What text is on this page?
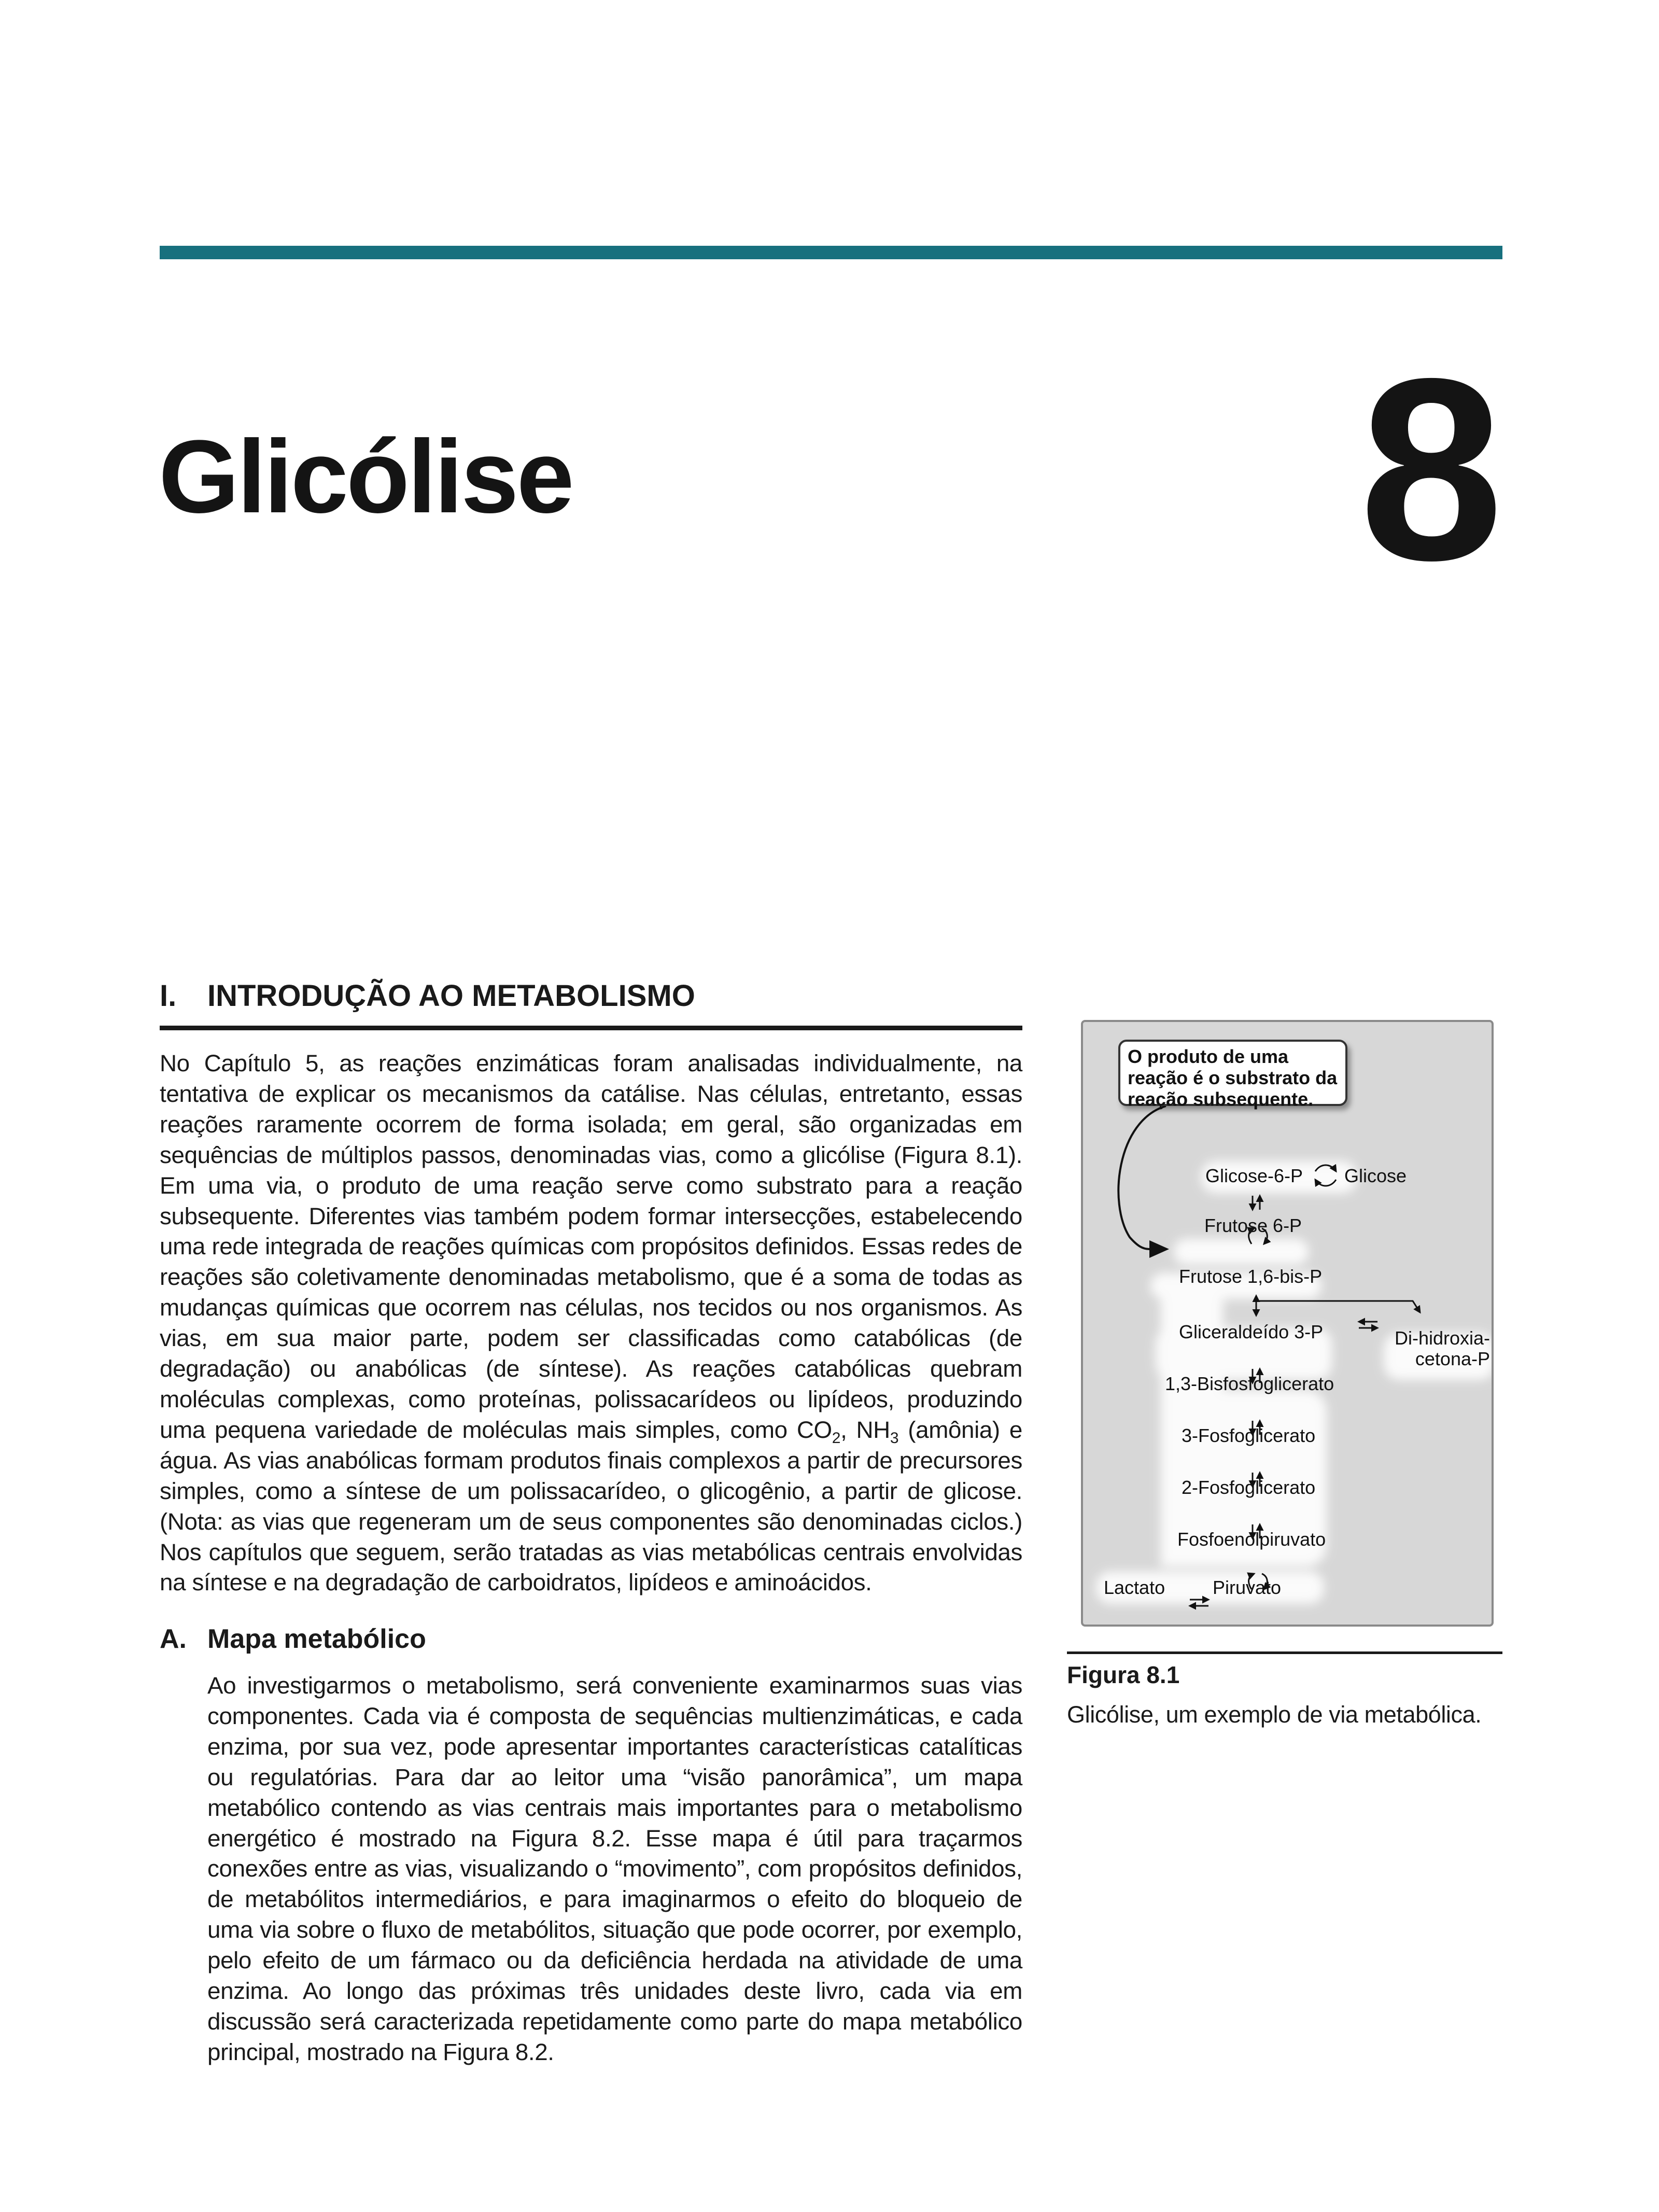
Glicólise	8
I. INTRODUÇÃO AO METABOLISMO

No Capítulo 5, as reações enzimáticas foram analisadas individualmente, na tentativa de explicar os mecanismos da catálise. Nas células, entretanto, essas reações raramente ocorrem de forma isolada; em geral, são organizadas em sequências de múltiplos passos, denominadas vias, como a glicólise (Figura 8.1). Em uma via, o produto de uma reação serve como substrato para a reação subsequente. Diferentes vias também podem formar intersecções, estabelecendo uma rede integrada de reações químicas com propósitos definidos. Essas redes de reações são coletivamente denominadas metabolismo, que é a soma de todas as mudanças químicas que ocorrem nas células, nos tecidos ou nos organismos. As vias, em sua maior parte, podem ser classificadas como catabólicas (de degradação) ou anabólicas (de síntese). As reações catabólicas quebram moléculas complexas, como proteínas, polissacarídeos ou lipídeos, produzindo uma pequena variedade de moléculas mais simples, como $CO_2$, $NH_3$ (amônia) e água. As vias anabólicas formam produtos finais complexos a partir de precursores simples, como a síntese de um polissacarídeo, o glicogênio, a partir de glicose. (Nota: as vias que regeneram um de seus componentes são denominadas ciclos.) Nos capítulos que seguem, serão tratadas as vias metabólicas centrais envolvidas na síntese e na degradação de carboidratos, lipídeos e aminoácidos.

A. Mapa metabólico

Ao investigarmos o metabolismo, será conveniente examinarmos suas vias componentes. Cada via é composta de sequências multienzimáticas, e cada enzima, por sua vez, pode apresentar importantes características catalíticas ou regulatórias. Para dar ao leitor uma “visão panorâmica”, um mapa metabólico contendo as vias centrais mais importantes para o metabolismo energético é mostrado na Figura 8.2. Esse mapa é útil para traçarmos conexões entre as vias, visualizando o “movimento”, com propósitos definidos, de metabólitos intermediários, e para imaginarmos o efeito do bloqueio de uma via sobre o fluxo de metabólitos, situação que pode ocorrer, por exemplo, pelo efeito de um fármaco ou da deficiência herdada na atividade de uma enzima. Ao longo das próximas três unidades deste livro, cada via em discussão será caracterizada repetidamente como parte do mapa metabólico principal, mostrado na Figura 8.2.

O produto de uma reação é o substrato da reação subsequente.
Glicose-6-P Glicose
Frutose 6-P
Frutose 1,6-bis-P
Gliceraldeído 3-P	Di-hidroxia-cetona-P
1,3-Bisfosfoglicerato
3-Fosfoglicerato
2-Fosfoglicerato
Fosfoenolpiruvato
Lactato	Piruvato
Figura 8.1
Glicólise, um exemplo de via metabólica.
